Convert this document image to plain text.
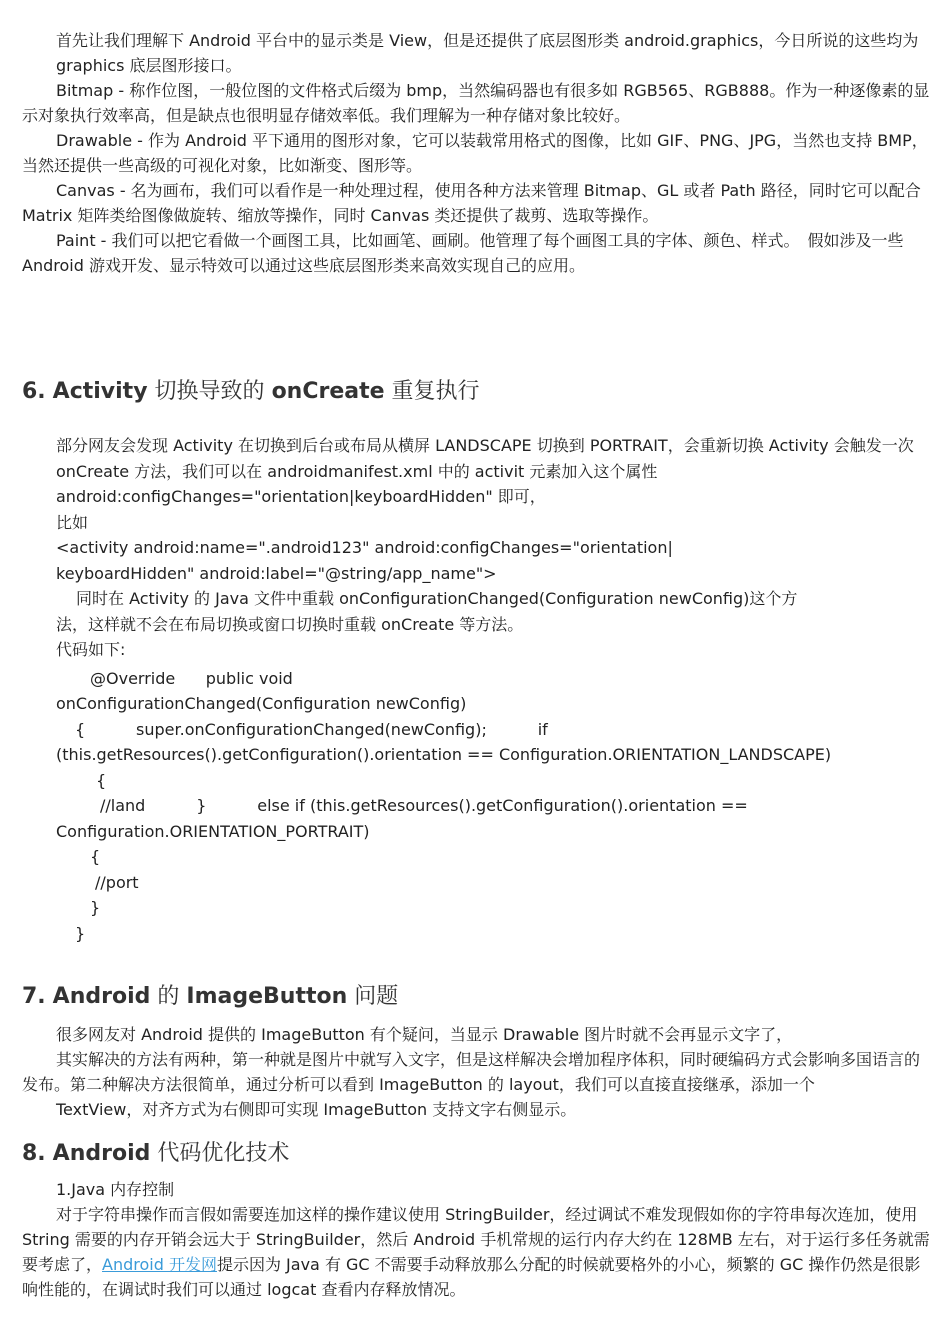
首先让我们理解下 Android 平台中的显示类是 View，但是还提供了底层图形类 android.graphics，今日所说的这些均为 graphics 底层图形接口。

Bitmap - 称作位图，一般位图的文件格式后缀为 bmp，当然编码器也有很多如 RGB565、RGB888。作为一种逐像素的显示对象执行效率高，但是缺点也很明显存储效率低。我们理解为一种存储对象比较好。

Drawable - 作为 Android 平下通用的图形对象，它可以装载常用格式的图像，比如 GIF、PNG、JPG，当然也支持 BMP，当然还提供一些高级的可视化对象，比如渐变、图形等。

Canvas - 名为画布，我们可以看作是一种处理过程，使用各种方法来管理 Bitmap、GL 或者 Path 路径，同时它可以配合 Matrix 矩阵类给图像做旋转、缩放等操作，同时 Canvas 类还提供了裁剪、选取等操作。

Paint - 我们可以把它看做一个画图工具，比如画笔、画刷。他管理了每个画图工具的字体、颜色、样式。　假如涉及一些 Android 游戏开发、显示特效可以通过这些底层图形类来高效实现自己的应用。

6. Activity 切换导致的 onCreate 重复执行

部分网友会发现 Activity 在切换到后台或布局从横屏 LANDSCAPE 切换到 PORTRAIT，会重新切换 Activity 会触发一次 onCreate 方法，我们可以在 androidmanifest.xml 中的 activit 元素加入这个属性

android:configChanges="orientation|keyboardHidden" 即可，

比如

<activity android:name=".android123" android:configChanges="orientation|

keyboardHidden" android:label="@string/app_name">

同时在 Activity 的 Java 文件中重载 onConfigurationChanged(Configuration newConfig)这个方法，这样就不会在布局切换或窗口切换时重载 onCreate 等方法。

代码如下:

@Override      public void

onConfigurationChanged(Configuration newConfig)

{          super.onConfigurationChanged(newConfig);          if

(this.getResources().getConfiguration().orientation == Configuration.ORIENTATION_LANDSCAPE)

{

//land          }          else if (this.getResources().getConfiguration().orientation ==

Configuration.ORIENTATION_PORTRAIT)

{

//port

}

}

7. Android 的 ImageButton 问题

很多网友对 Android 提供的 ImageButton 有个疑问，当显示 Drawable 图片时就不会再显示文字了，

其实解决的方法有两种，第一种就是图片中就写入文字，但是这样解决会增加程序体积，同时硬编码方式会影响多国语言的发布。第二种解决方法很简单，通过分析可以看到 ImageButton 的 layout，我们可以直接直接继承，添加一个

TextView，对齐方式为右侧即可实现 ImageButton 支持文字右侧显示。

8. Android 代码优化技术

1.Java 内存控制

对于字符串操作而言假如需要连加这样的操作建议使用 StringBuilder，经过调试不难发现假如你的字符串每次连加，使用 String 需要的内存开销会远大于 StringBuilder，然后 Android 手机常规的运行内存大约在 128MB 左右，对于运行多任务就需要考虑了，Android 开发网提示因为 Java 有 GC 不需要手动释放那么分配的时候就要格外的小心，频繁的 GC 操作仍然是很影响性能的，在调试时我们可以通过 logcat 查看内存释放情况。
